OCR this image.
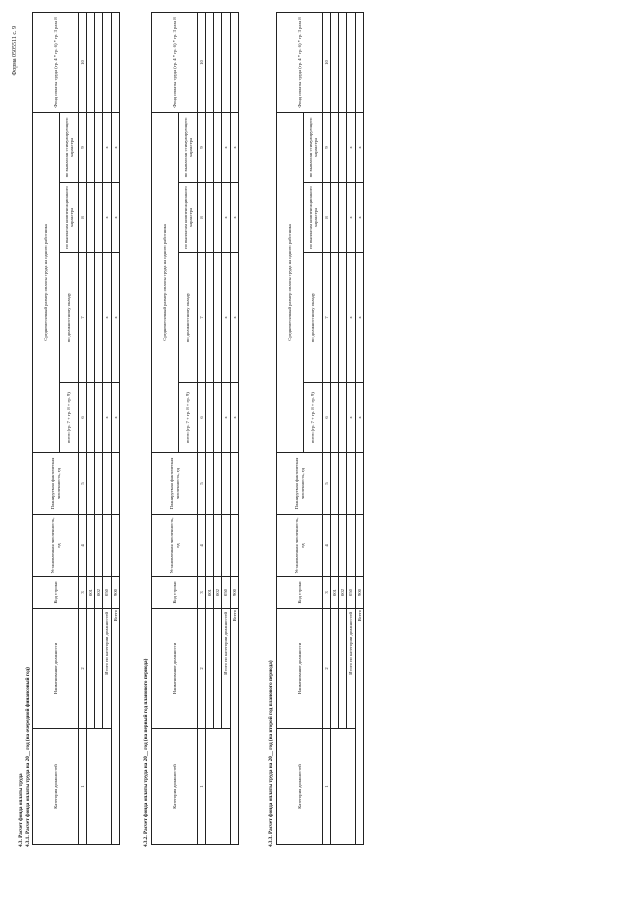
Форма 0505511 с. 9
4.3. Расчет фонда оплаты труда 4.3.1. Расчет фонда оплаты труда на 20__ год (на очередной финансовый год)	Категория должностей	Наименование должности	Код строки	Установленная численность, ед	Планируемая фактическая численность, ед	Среднемесячный размер оплаты труда на одного работника				Фонд оплаты труда (гр. 4 * гр. 6) * гр. 3 раза 8
					всего (гр. 7 + гр. 8 + гр. 9)	по должностному окладу	по выплатам компенсационного характера	по выплатам стимулирующего характера	
1	2	3	4	5	6	7	8	9	10
		001							
		002							
	Итого по категории должностей	050			x	x	x	x	
Всего		900			x	x	x	x	
4.3.2. Расчет фонда оплаты труда на 20__ год (на первый год планового периода)	Категория должностей	Наименование должности	Код строки	Установленная численность, ед	Планируемая фактическая численность, ед	Среднемесячный размер оплаты труда на одного работника				Фонд оплаты труда (гр. 4 * гр. 6) * гр. 3 раза 8
					всего (гр. 7 + гр. 8 + гр. 9)	по должностному окладу	по выплатам компенсационного характера	по выплатам стимулирующего характера	
1	2	3	4	5	6	7	8	9	10
		001							
		002							
	Итого по категории должностей	050			x	x	x	x	
Всего		900			x	x	x	x	
4.3.3. Расчет фонда оплаты труда на 20__ год (на второй год планового периода)	Категория должностей	Наименование должности	Код строки	Установленная численность, ед	Планируемая фактическая численность, ед	Среднемесячный размер оплаты труда на одного работника				Фонд оплаты труда (гр. 4 * гр. 6) * гр. 3 раза 8
					всего (гр. 7 + гр. 8 + гр. 9)	по должностному окладу	по выплатам компенсационного характера	по выплатам стимулирующего характера	
1	2	3	4	5	6	7	8	9	10
		001							
		002							
	Итого по категории должностей	050			x	x	x	x	
Всего		900			x	x	x	x	
